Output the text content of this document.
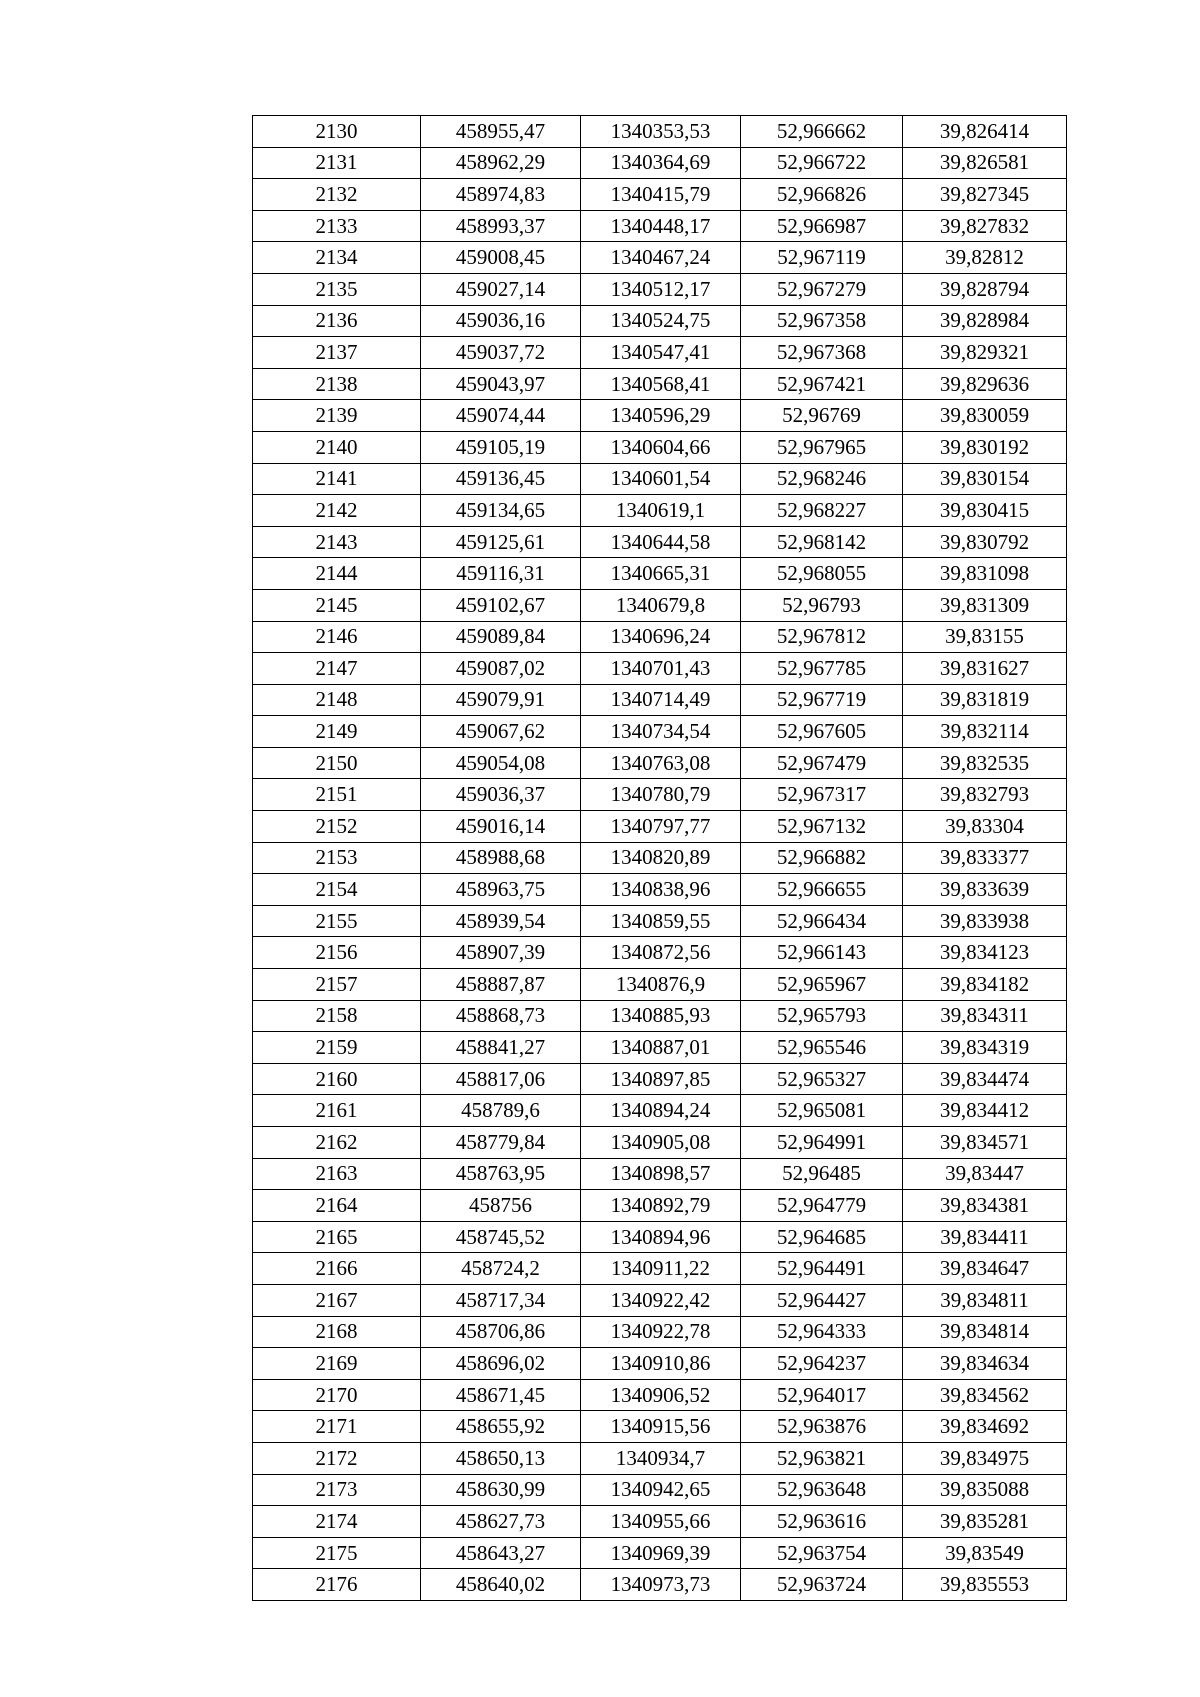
2130	458955,47	1340353,53	52,966662	39,826414
2131	458962,29	1340364,69	52,966722	39,826581
2132	458974,83	1340415,79	52,966826	39,827345
2133	458993,37	1340448,17	52,966987	39,827832
2134	459008,45	1340467,24	52,967119	39,82812
2135	459027,14	1340512,17	52,967279	39,828794
2136	459036,16	1340524,75	52,967358	39,828984
2137	459037,72	1340547,41	52,967368	39,829321
2138	459043,97	1340568,41	52,967421	39,829636
2139	459074,44	1340596,29	52,96769	39,830059
2140	459105,19	1340604,66	52,967965	39,830192
2141	459136,45	1340601,54	52,968246	39,830154
2142	459134,65	1340619,1	52,968227	39,830415
2143	459125,61	1340644,58	52,968142	39,830792
2144	459116,31	1340665,31	52,968055	39,831098
2145	459102,67	1340679,8	52,96793	39,831309
2146	459089,84	1340696,24	52,967812	39,83155
2147	459087,02	1340701,43	52,967785	39,831627
2148	459079,91	1340714,49	52,967719	39,831819
2149	459067,62	1340734,54	52,967605	39,832114
2150	459054,08	1340763,08	52,967479	39,832535
2151	459036,37	1340780,79	52,967317	39,832793
2152	459016,14	1340797,77	52,967132	39,83304
2153	458988,68	1340820,89	52,966882	39,833377
2154	458963,75	1340838,96	52,966655	39,833639
2155	458939,54	1340859,55	52,966434	39,833938
2156	458907,39	1340872,56	52,966143	39,834123
2157	458887,87	1340876,9	52,965967	39,834182
2158	458868,73	1340885,93	52,965793	39,834311
2159	458841,27	1340887,01	52,965546	39,834319
2160	458817,06	1340897,85	52,965327	39,834474
2161	458789,6	1340894,24	52,965081	39,834412
2162	458779,84	1340905,08	52,964991	39,834571
2163	458763,95	1340898,57	52,96485	39,83447
2164	458756	1340892,79	52,964779	39,834381
2165	458745,52	1340894,96	52,964685	39,834411
2166	458724,2	1340911,22	52,964491	39,834647
2167	458717,34	1340922,42	52,964427	39,834811
2168	458706,86	1340922,78	52,964333	39,834814
2169	458696,02	1340910,86	52,964237	39,834634
2170	458671,45	1340906,52	52,964017	39,834562
2171	458655,92	1340915,56	52,963876	39,834692
2172	458650,13	1340934,7	52,963821	39,834975
2173	458630,99	1340942,65	52,963648	39,835088
2174	458627,73	1340955,66	52,963616	39,835281
2175	458643,27	1340969,39	52,963754	39,83549
2176	458640,02	1340973,73	52,963724	39,835553
